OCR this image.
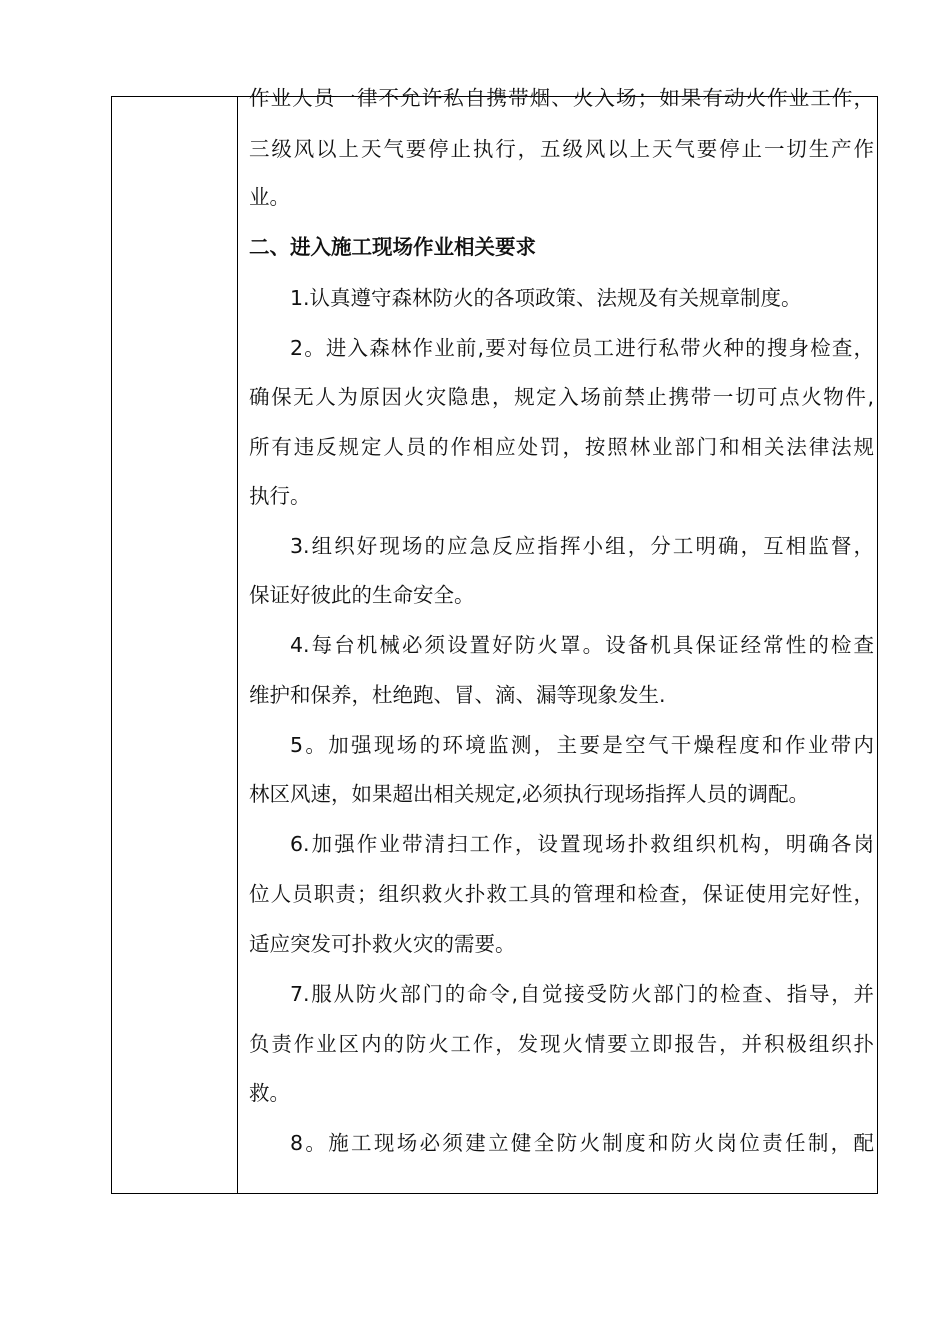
作业人员一律不允许私自携带烟、火入场；如果有动火作业工作，
三级风以上天气要停止执行，五级风以上天气要停止一切生产作
业。
二、进入施工现场作业相关要求
1.认真遵守森林防火的各项政策、法规及有关规章制度。
2。进入森林作业前,要对每位员工进行私带火种的搜身检查，
确保无人为原因火灾隐患，规定入场前禁止携带一切可点火物件,
所有违反规定人员的作相应处罚，按照林业部门和相关法律法规
执行。
3.组织好现场的应急反应指挥小组，分工明确，互相监督，
保证好彼此的生命安全。
4.每台机械必须设置好防火罩。设备机具保证经常性的检查
维护和保养，杜绝跑、冒、滴、漏等现象发生.
5。加强现场的环境监测，主要是空气干燥程度和作业带内
林区风速，如果超出相关规定,必须执行现场指挥人员的调配。
6.加强作业带清扫工作，设置现场扑救组织机构，明确各岗
位人员职责；组织救火扑救工具的管理和检查，保证使用完好性，
适应突发可扑救火灾的需要。
7.服从防火部门的命令,自觉接受防火部门的检查、指导，并
负责作业区内的防火工作，发现火情要立即报告，并积极组织扑
救。
8。施工现场必须建立健全防火制度和防火岗位责任制，配
